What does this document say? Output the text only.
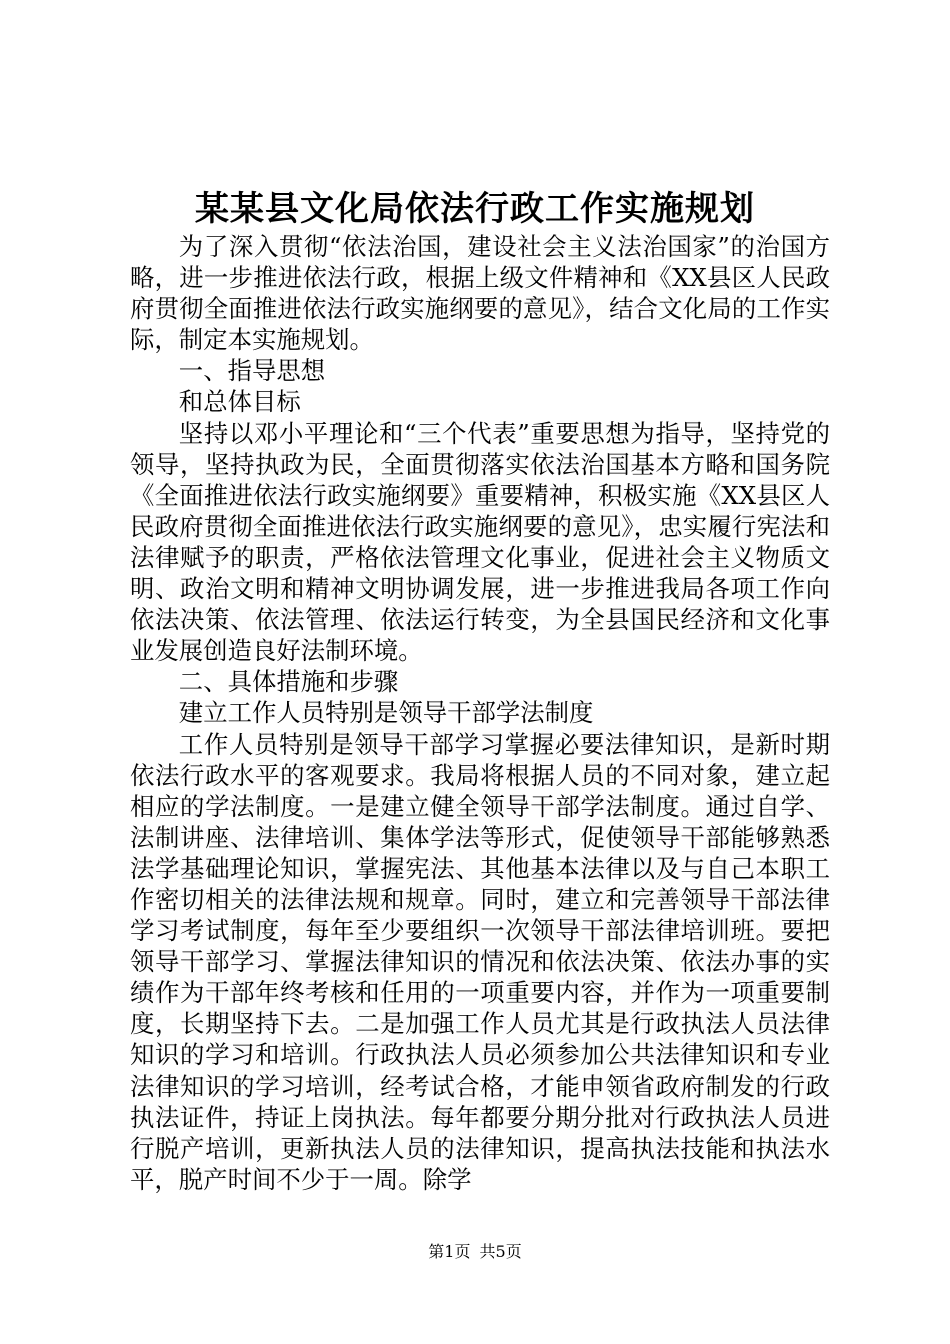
某某县文化局依法行政工作实施规划

为了深入贯彻“依法治国，建设社会主义法治国家”的治国方略，进一步推进依法行政，根据上级文件精神和《XX县区人民政府贯彻全面推进依法行政实施纲要的意见》，结合文化局的工作实际，制定本实施规划。

一、指导思想

和总体目标

坚持以邓小平理论和“三个代表”重要思想为指导，坚持党的领导，坚持执政为民，全面贯彻落实依法治国基本方略和国务院《全面推进依法行政实施纲要》重要精神，积极实施《XX县区人民政府贯彻全面推进依法行政实施纲要的意见》，忠实履行宪法和法律赋予的职责，严格依法管理文化事业，促进社会主义物质文明、政治文明和精神文明协调发展，进一步推进我局各项工作向依法决策、依法管理、依法运行转变，为全县国民经济和文化事业发展创造良好法制环境。

二、具体措施和步骤

建立工作人员特别是领导干部学法制度

工作人员特别是领导干部学习掌握必要法律知识，是新时期依法行政水平的客观要求。我局将根据人员的不同对象，建立起相应的学法制度。一是建立健全领导干部学法制度。通过自学、法制讲座、法律培训、集体学法等形式，促使领导干部能够熟悉法学基础理论知识，掌握宪法、其他基本法律以及与自己本职工作密切相关的法律法规和规章。同时，建立和完善领导干部法律学习考试制度，每年至少要组织一次领导干部法律培训班。要把领导干部学习、掌握法律知识的情况和依法决策、依法办事的实绩作为干部年终考核和任用的一项重要内容，并作为一项重要制度，长期坚持下去。二是加强工作人员尤其是行政执法人员法律知识的学习和培训。行政执法人员必须参加公共法律知识和专业法律知识的学习培训，经考试合格，才能申领省政府制发的行政执法证件，持证上岗执法。每年都要分期分批对行政执法人员进行脱产培训，更新执法人员的法律知识，提高执法技能和执法水平，脱产时间不少于一周。除学

第1页 共5页
